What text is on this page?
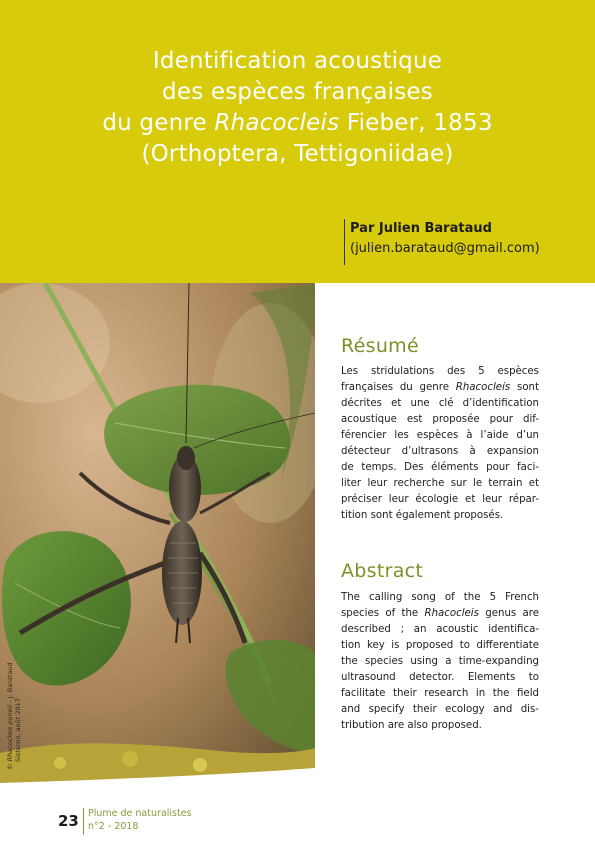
Identification acoustique
des espèces françaises
du genre Rhacocleis Fieber, 1853
(Orthoptera, Tettigoniidae)
Par Julien Barataud
(julien.barataud@gmail.com)
© Rhacocleis poneli - J. Barataud
Sisteron, août 2017
Résumé
Les stridulations des 5 espèces
françaises du genre Rhacocleis sont
décrites et une clé d’identification
acoustique est proposée pour dif-
férencier les espèces à l’aide d’un
détecteur d’ultrasons à expansion
de temps. Des éléments pour faci-
liter leur recherche sur le terrain et
préciser leur écologie et leur répar-
tition sont également proposés.
Abstract
The calling song of the 5 French
species of the Rhacocleis genus are
described ; an acoustic identifica-
tion key is proposed to differentiate
the species using a time-expanding
ultrasound detector. Elements to
facilitate their research in the field
and specify their ecology and dis-
tribution are also proposed.
23 Plume de naturalistes
n°2 - 2018
